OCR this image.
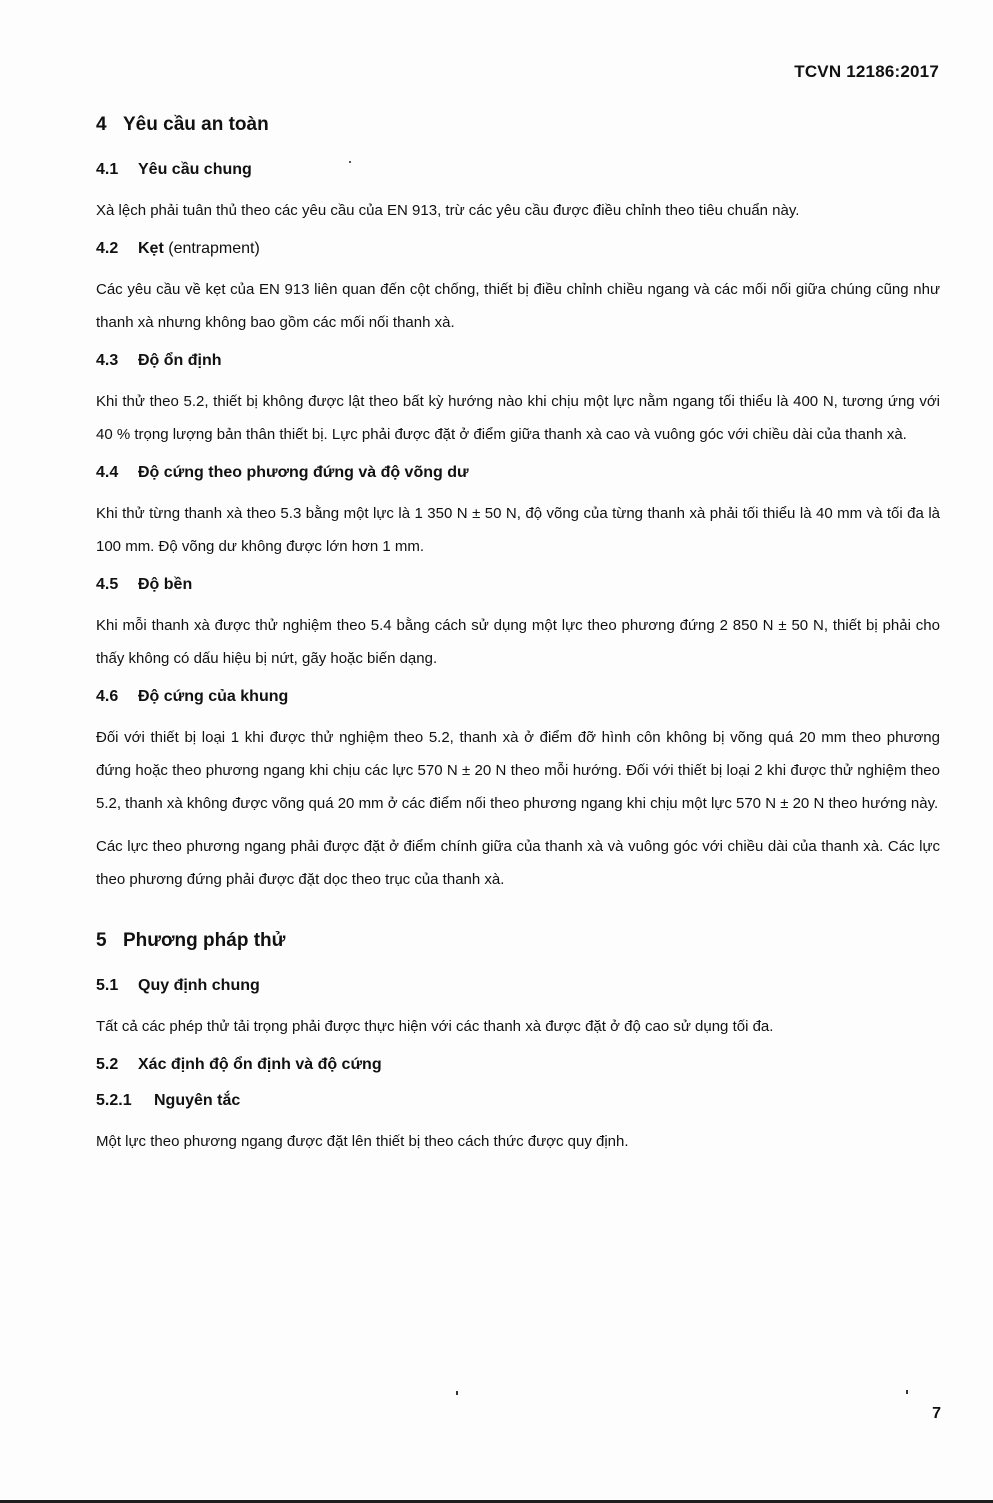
TCVN 12186:2017
4 Yêu cầu an toàn
4.1 Yêu cầu chung
Xà lệch phải tuân thủ theo các yêu cầu của EN 913, trừ các yêu cầu được điều chỉnh theo tiêu chuẩn này.
4.2 Kẹt (entrapment)
Các yêu cầu về kẹt của EN 913 liên quan đến cột chống, thiết bị điều chỉnh chiều ngang và các mối nối giữa chúng cũng như thanh xà nhưng không bao gồm các mối nối thanh xà.
4.3 Độ ổn định
Khi thử theo 5.2, thiết bị không được lật theo bất kỳ hướng nào khi chịu một lực nằm ngang tối thiểu là 400 N, tương ứng với 40 % trọng lượng bản thân thiết bị. Lực phải được đặt ở điểm giữa thanh xà cao và vuông góc với chiều dài của thanh xà.
4.4 Độ cứng theo phương đứng và độ võng dư
Khi thử từng thanh xà theo 5.3 bằng một lực là 1 350 N ± 50 N, độ võng của từng thanh xà phải tối thiểu là 40 mm và tối đa là 100 mm. Độ võng dư không được lớn hơn 1 mm.
4.5 Độ bền
Khi mỗi thanh xà được thử nghiệm theo 5.4 bằng cách sử dụng một lực theo phương đứng 2 850 N ± 50 N, thiết bị phải cho thấy không có dấu hiệu bị nứt, gãy hoặc biến dạng.
4.6 Độ cứng của khung
Đối với thiết bị loại 1 khi được thử nghiệm theo 5.2, thanh xà ở điểm đỡ hình côn không bị võng quá 20 mm theo phương đứng hoặc theo phương ngang khi chịu các lực 570 N ± 20 N theo mỗi hướng. Đối với thiết bị loại 2 khi được thử nghiệm theo 5.2, thanh xà không được võng quá 20 mm ở các điểm nối theo phương ngang khi chịu một lực 570 N ± 20 N theo hướng này.
Các lực theo phương ngang phải được đặt ở điểm chính giữa của thanh xà và vuông góc với chiều dài của thanh xà. Các lực theo phương đứng phải được đặt dọc theo trục của thanh xà.
5 Phương pháp thử
5.1 Quy định chung
Tất cả các phép thử tải trọng phải được thực hiện với các thanh xà được đặt ở độ cao sử dụng tối đa.
5.2 Xác định độ ổn định và độ cứng
5.2.1 Nguyên tắc
Một lực theo phương ngang được đặt lên thiết bị theo cách thức được quy định.
7
